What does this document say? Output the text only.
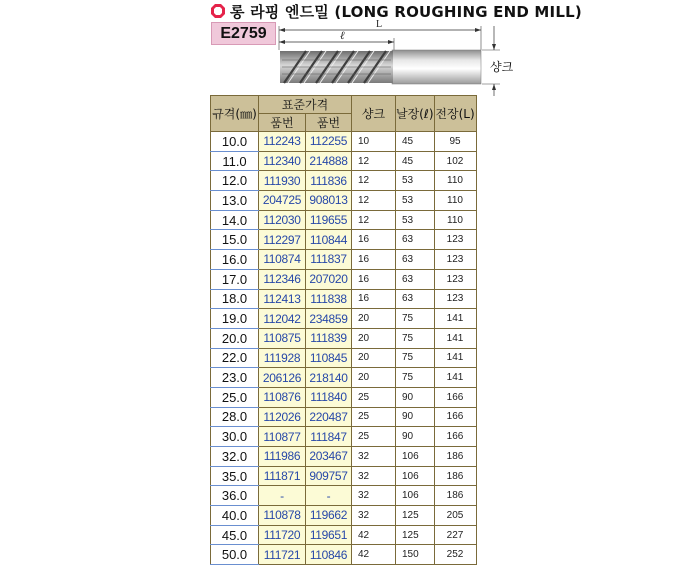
롱 라핑 엔드밀 (LONG ROUGHING END MILL)
E2759	L
ℓ
샹크
규격(㎜)	표준가격		샹크	날장(ℓ)	전장(L)
	품번	품번			
10.0	112243	112255	10	45	95
11.0	112340	214888	12	45	102
12.0	111930	111836	12	53	110
13.0	204725	908013	12	53	110
14.0	112030	119655	12	53	110
15.0	112297	110844	16	63	123
16.0	110874	111837	16	63	123
17.0	112346	207020	16	63	123
18.0	112413	111838	16	63	123
19.0	112042	234859	20	75	141
20.0	110875	111839	20	75	141
22.0	111928	110845	20	75	141
23.0	206126	218140	20	75	141
25.0	110876	111840	25	90	166
28.0	112026	220487	25	90	166
30.0	110877	111847	25	90	166
32.0	111986	203467	32	106	186
35.0	111871	909757	32	106	186
36.0	-	-	32	106	186
40.0	110878	119662	32	125	205
45.0	111720	119651	42	125	227
50.0	111721	110846	42	150	252
